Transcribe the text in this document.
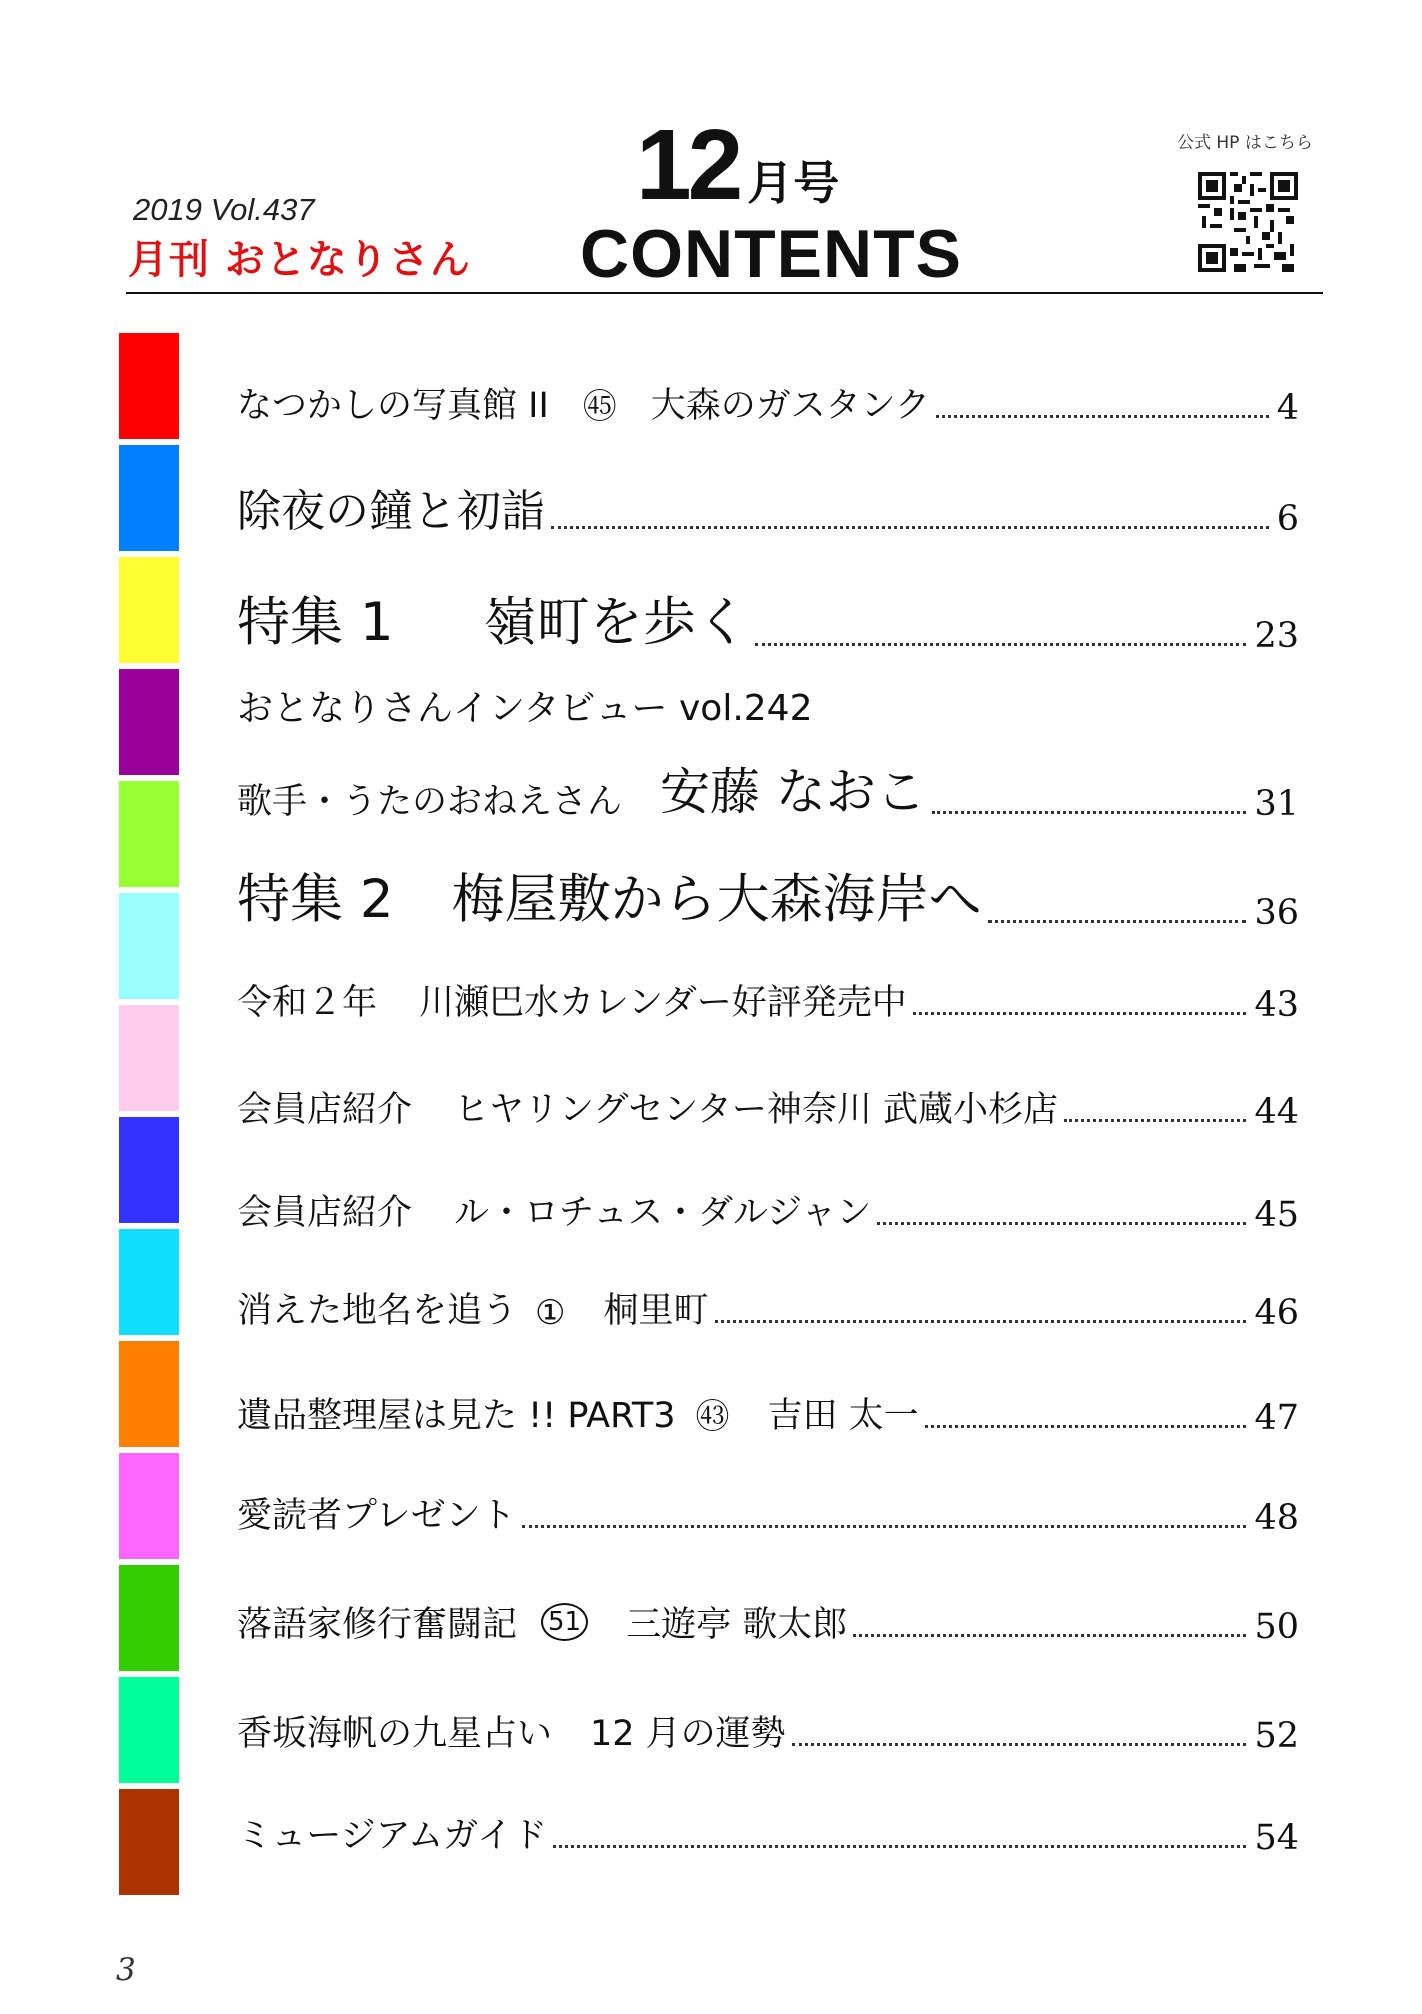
2019 Vol.437
月刊 おとなりさん
12 月号
CONTENTS
公式 HP はこちら
なつかしの写真館 II ㊺ 大森のガスタンク	4
除夜の鐘と初詣	6
特集 1 嶺町を歩く	23
おとなりさんインタビュー vol.242
歌手・うたのおねえさん 安藤 なおこ	31
特集 2 梅屋敷から大森海岸へ	36
令和２年 川瀬巴水カレンダー好評発売中	43
会員店紹介 ヒヤリングセンター神奈川 武蔵小杉店	44
会員店紹介 ル・ロチュス・ダルジャン	45
消えた地名を追う ① 桐里町	46
遺品整理屋は見た !! PART3 ㊸ 吉田 太一	47
愛読者プレゼント	48
落語家修行奮闘記 51 三遊亭 歌太郎	50
香坂海帆の九星占い 12 月の運勢	52
ミュージアムガイド	54
3
